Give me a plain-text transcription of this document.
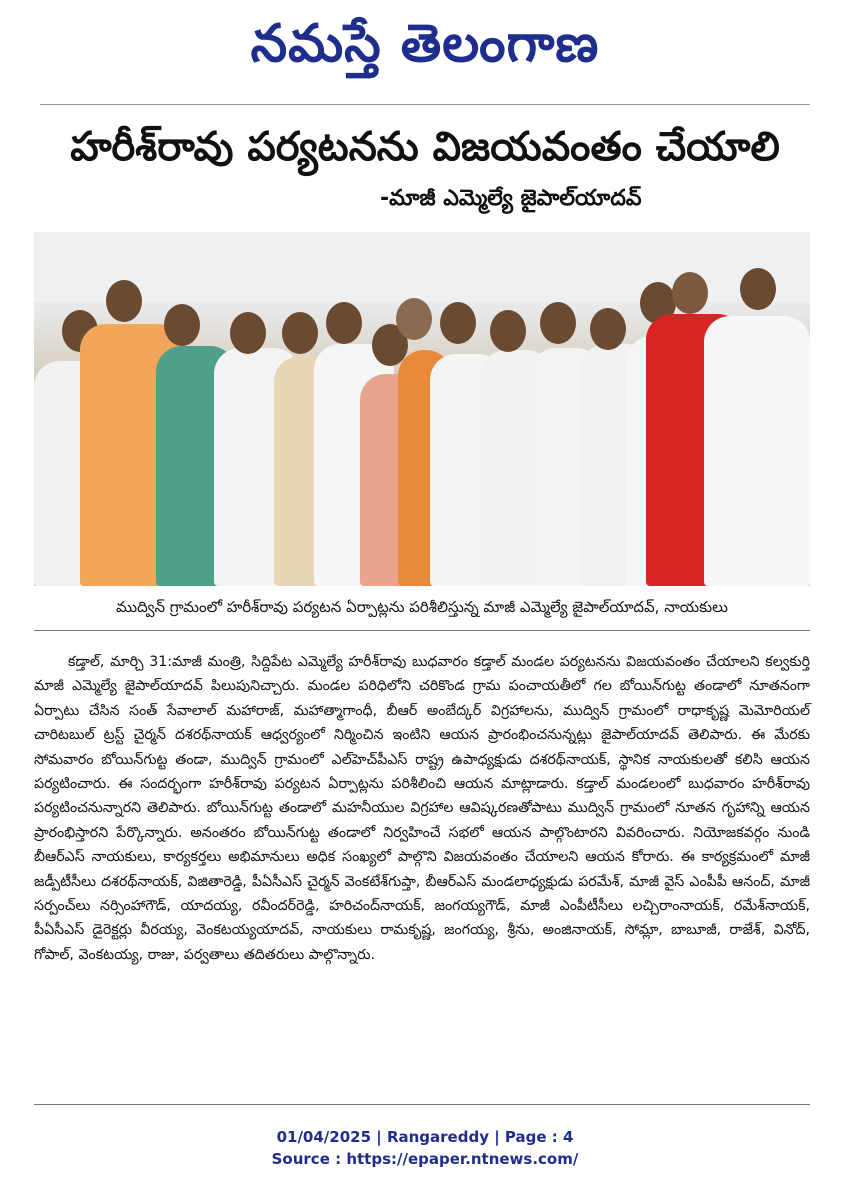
నమస్తే తెలంగాణ
హరీశ్‌రావు పర్యటనను విజయవంతం చేయాలి
-మాజీ ఎమ్మెల్యే జైపాల్‌యాదవ్
ముద్విన్ గ్రామంలో హరీశ్‌రావు పర్యటన ఏర్పాట్లను పరిశీలిస్తున్న మాజీ ఎమ్మెల్యే జైపాల్‌యాదవ్, నాయకులు

కడ్తాల్, మార్చి 31:మాజీ మంత్రి, సిద్దిపేట ఎమ్మెల్యే హరీశ్‌రావు బుధవారం కడ్తాల్ మండల పర్యటనను విజయవంతం చేయాలని కల్వకుర్తి మాజీ ఎమ్మెల్యే జైపాల్‌యాదవ్ పిలుపునిచ్చారు. మండల పరిధిలోని చరికొండ గ్రామ పంచాయతీలో గల బోయిన్‌గుట్ట తండాలో నూతనంగా ఏర్పాటు చేసిన సంత్ సేవాలాల్ మహారాజ్, మహాత్మాగాంధీ, బీఆర్ అంబేద్కర్ విగ్రహాలను, ముద్విన్ గ్రామంలో రాధాకృష్ణ మెమోరియల్ చారిటబుల్ ట్రస్ట్ చైర్మన్ దశరథ్‌నాయక్ ఆధ్వర్యంలో నిర్మించిన ఇంటిని ఆయన ప్రారంభించనున్నట్లు జైపాల్‌యాదవ్ తెలిపారు. ఈ మేరకు సోమవారం బోయిన్‌గుట్ట తండా, ముద్విన్ గ్రామంలో ఎల్‌హెచ్‌పీఎస్ రాష్ట్ర ఉపాధ్యక్షుడు దశరథ్‌నాయక్, స్థానిక నాయకులతో కలిసి ఆయన పర్యటించారు. ఈ సందర్భంగా హరీశ్‌రావు పర్యటన ఏర్పాట్లను పరిశీలించి ఆయన మాట్లాడారు. కడ్తాల్ మండలంలో బుధవారం హరీశ్‌రావు పర్యటించనున్నారని తెలిపారు. బోయిన్‌గుట్ట తండాలో మహనీయుల విగ్రహాల ఆవిష్కరణతోపాటు ముద్విన్ గ్రామంలో నూతన గృహాన్ని ఆయన ప్రారంభిస్తారని పేర్కొన్నారు. అనంతరం బోయిన్‌గుట్ట తండాలో నిర్వహించే సభలో ఆయన పాల్గొంటారని వివరించారు. నియోజకవర్గం నుండి బీఆర్ఎస్ నాయకులు, కార్యకర్తలు అభిమానులు అధిక సంఖ్యలో పాల్గొని విజయవంతం చేయాలని ఆయన కోరారు. ఈ కార్యక్రమంలో మాజీ జడ్పీటీసీలు దశరథ్‌నాయక్, విజితారెడ్డి, పీఏసీఎస్ చైర్మన్ వెంకటేశ్‌గుప్తా, బీఆర్ఎస్ మండలాధ్యక్షుడు పరమేశ్, మాజీ వైస్ ఎంపీపీ ఆనంద్, మాజీ సర్పంచ్‌లు నర్సింహాగౌడ్, యాదయ్య, రవీందర్‌రెడ్డి, హరిచంద్‌నాయక్, జంగయ్యగౌడ్, మాజీ ఎంపీటీసీలు లచ్చిరాంనాయక్, రమేశ్‌నాయక్, పీఏసీఎస్ డైరెక్టర్లు వీరయ్య, వెంకటయ్యయాదవ్, నాయకులు రామకృష్ణ, జంగయ్య, శ్రీను, అంజినాయక్, సోమ్లా, బాబూజీ, రాజేశ్, వినోద్, గోపాల్, వెంకటయ్య, రాజు, పర్వతాలు తదితరులు పాల్గొన్నారు.

01/04/2025 | Rangareddy | Page : 4
Source : https://epaper.ntnews.com/
